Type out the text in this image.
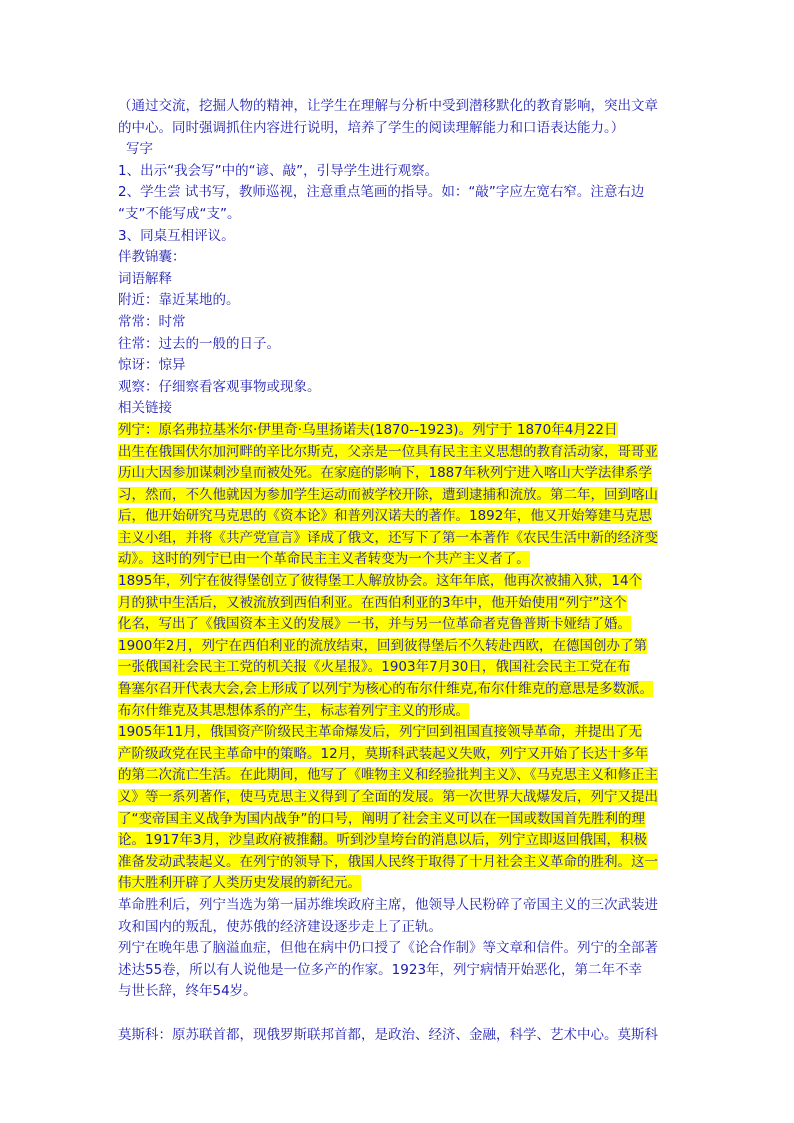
（通过交流，挖掘人物的精神，让学生在理解与分析中受到潜移默化的教育影响，突出文章
的中心。同时强调抓住内容进行说明，培养了学生的阅读理解能力和口语表达能力。）
写字
1、出示“我会写”中的“谚、敲”，引导学生进行观察。
2、学生尝 试书写，教师巡视，注意重点笔画的指导。如：“敲”字应左宽右窄。注意右边
“支”不能写成“支”。
3、同桌互相评议。
伴教锦囊：
词语解释
附近：靠近某地的。
常常：时常
往常：过去的一般的日子。
惊讶：惊异
观察：仔细察看客观事物或现象。
相关链接
列宁：原名弗拉基米尔·伊里奇·乌里扬诺夫(1870--1923)。列宁于 1870年4月22日
出生在俄国伏尔加河畔的辛比尔斯克，父亲是一位具有民主主义思想的教育活动家，哥哥亚
历山大因参加谋刺沙皇而被处死。在家庭的影响下，1887年秋列宁进入喀山大学法律系学
习，然而，不久他就因为参加学生运动而被学校开除，遭到逮捕和流放。第二年，回到喀山
后，他开始研究马克思的《资本论》和普列汉诺夫的著作。1892年，他又开始筹建马克思
主义小组，并将《共产党宣言》译成了俄文，还写下了第一本著作《农民生活中新的经济变
动》。这时的列宁已由一个革命民主主义者转变为一个共产主义者了。
1895年，列宁在彼得堡创立了彼得堡工人解放协会。这年年底，他再次被捕入狱，14个
月的狱中生活后，又被流放到西伯利亚。在西伯利亚的3年中，他开始使用“列宁”这个
化名，写出了《俄国资本主义的发展》一书，并与另一位革命者克鲁普斯卡娅结了婚。
1900年2月，列宁在西伯利亚的流放结束，回到彼得堡后不久转赴西欧，在德国创办了第
一张俄国社会民主工党的机关报《火星报》。1903年7月30日，俄国社会民主工党在布
鲁塞尔召开代表大会,会上形成了以列宁为核心的布尔什维克,布尔什维克的意思是多数派。
布尔什维克及其思想体系的产生，标志着列宁主义的形成。
1905年11月，俄国资产阶级民主革命爆发后，列宁回到祖国直接领导革命，并提出了无
产阶级政党在民主革命中的策略。12月，莫斯科武装起义失败，列宁又开始了长达十多年
的第二次流亡生活。在此期间，他写了《唯物主义和经验批判主义》、《马克思主义和修正主
义》等一系列著作，使马克思主义得到了全面的发展。第一次世界大战爆发后，列宁又提出
了“变帝国主义战争为国内战争”的口号，阐明了社会主义可以在一国或数国首先胜利的理
论。1917年3月，沙皇政府被推翻。听到沙皇垮台的消息以后，列宁立即返回俄国，积极
准备发动武装起义。在列宁的领导下，俄国人民终于取得了十月社会主义革命的胜利。这一
伟大胜利开辟了人类历史发展的新纪元。
革命胜利后，列宁当选为第一届苏维埃政府主席，他领导人民粉碎了帝国主义的三次武装进
攻和国内的叛乱，使苏俄的经济建设逐步走上了正轨。
列宁在晚年患了脑溢血症，但他在病中仍口授了《论合作制》等文章和信件。列宁的全部著
述达55卷，所以有人说他是一位多产的作家。1923年，列宁病情开始恶化，第二年不幸
与世长辞，终年54岁。
莫斯科：原苏联首都，现俄罗斯联邦首都，是政治、经济、金融，科学、艺术中心。莫斯科
